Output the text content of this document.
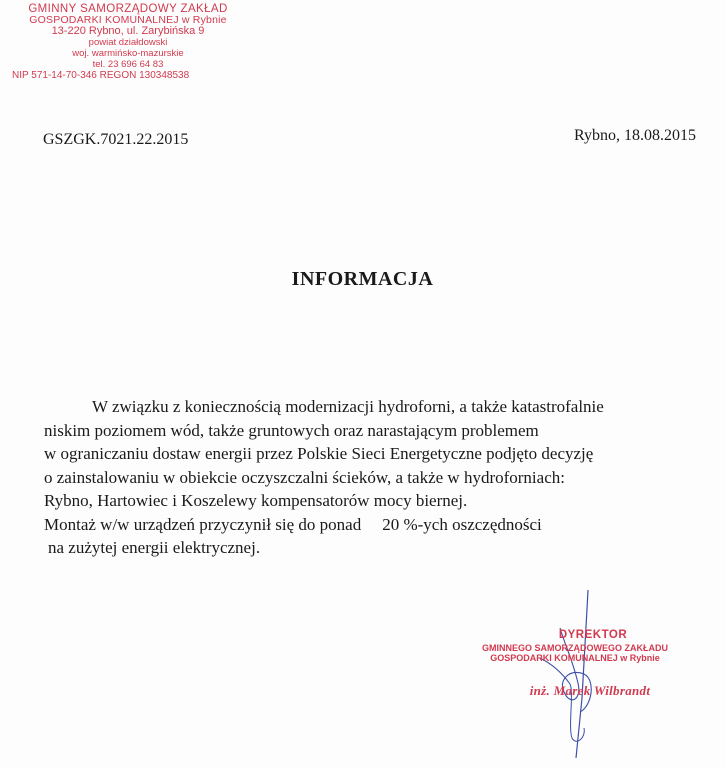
GMINNY SAMORZĄDOWY ZAKŁAD
GOSPODARKI KOMUNALNEJ w Rybnie
13-220 Rybno, ul. Zarybińska 9
powiat działdowski
woj. warmińsko-mazurskie
tel. 23 696 64 83
NIP 571-14-70-346 REGON 130348538
GSZGK.7021.22.2015	Rybno, 18.08.2015
INFORMACJA
W związku z koniecznością modernizacji hydroforni, a także katastrofalnie
niskim poziomem wód, także gruntowych oraz narastającym problemem
w ograniczaniu dostaw energii przez Polskie Sieci Energetyczne podjęto decyzję
o zainstalowaniu w obiekcie oczyszczalni ścieków, a także w hydroforniach:
Rybno, Hartowiec i Koszelewy kompensatorów mocy biernej.
Montaż w/w urządzeń przyczynił się do ponad 20 %-ych oszczędności
na zużytej energii elektrycznej.
DYREKTOR
GMINNEGO SAMORZĄDOWEGO ZAKŁADU
GOSPODARKI KOMUNALNEJ w Rybnie
inż. Marek Wilbrandt
